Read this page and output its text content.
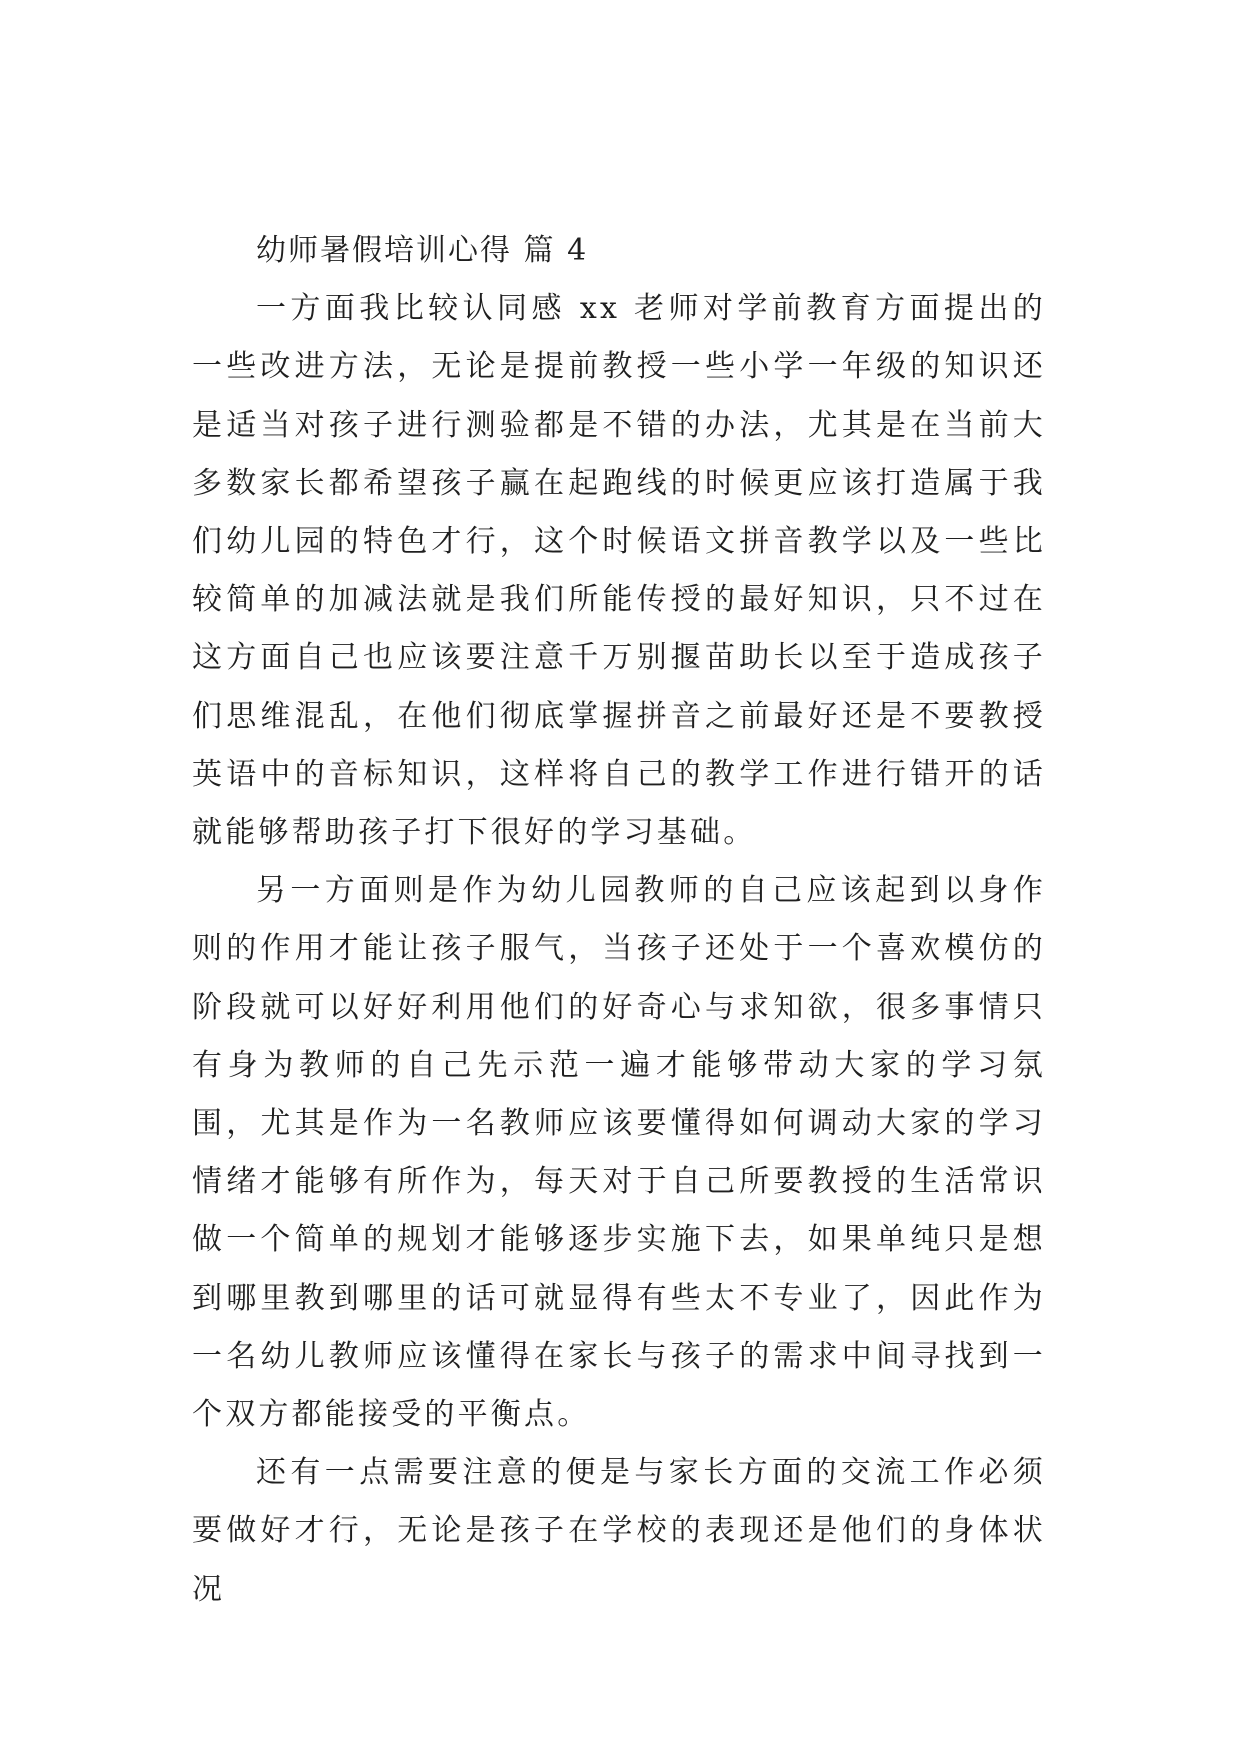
幼师暑假培训心得 篇 4

一方面我比较认同感 xx 老师对学前教育方面提出的一些改进方法，无论是提前教授一些小学一年级的知识还是适当对孩子进行测验都是不错的办法，尤其是在当前大多数家长都希望孩子赢在起跑线的时候更应该打造属于我们幼儿园的特色才行，这个时候语文拼音教学以及一些比较简单的加减法就是我们所能传授的最好知识，只不过在这方面自己也应该要注意千万别揠苗助长以至于造成孩子们思维混乱，在他们彻底掌握拼音之前最好还是不要教授英语中的音标知识，这样将自己的教学工作进行错开的话就能够帮助孩子打下很好的学习基础。

另一方面则是作为幼儿园教师的自己应该起到以身作则的作用才能让孩子服气，当孩子还处于一个喜欢模仿的阶段就可以好好利用他们的好奇心与求知欲，很多事情只有身为教师的自己先示范一遍才能够带动大家的学习氛围，尤其是作为一名教师应该要懂得如何调动大家的学习情绪才能够有所作为，每天对于自己所要教授的生活常识做一个简单的规划才能够逐步实施下去，如果单纯只是想到哪里教到哪里的话可就显得有些太不专业了，因此作为一名幼儿教师应该懂得在家长与孩子的需求中间寻找到一个双方都能接受的平衡点。

还有一点需要注意的便是与家长方面的交流工作必须要做好才行，无论是孩子在学校的表现还是他们的身体状况
